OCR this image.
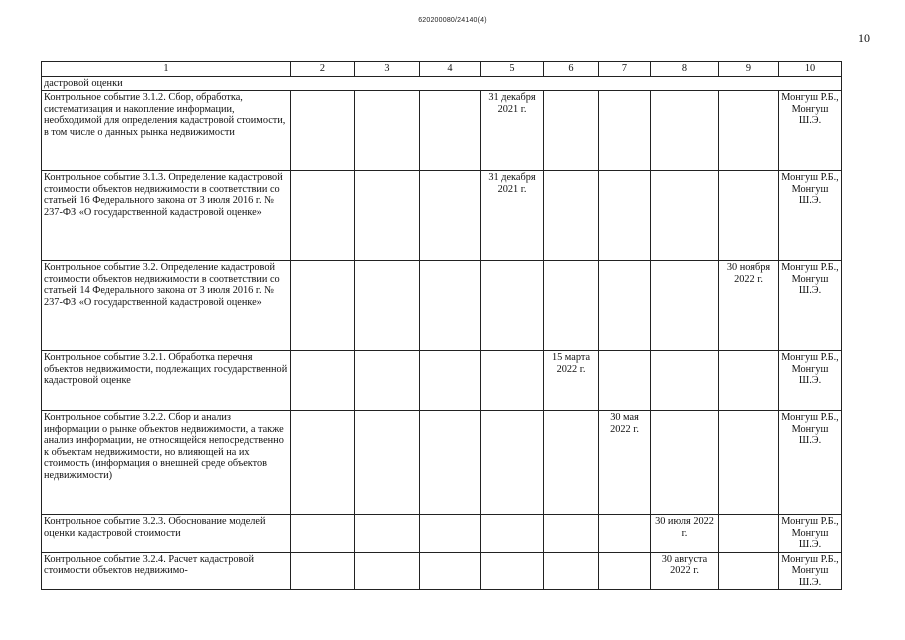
620200080/24140(4)
10
1	2	3	4	5	6	7	8	9	10
дастровой оценки									
Контрольное событие 3.1.2. Сбор, обработка, систематизация и накопление информации, необходимой для определения кадастровой стоимости, в том числе о данных рынка недвижимости				31 декабря 2021 г.					Монгуш Р.Б., Монгуш Ш.Э.
Контрольное событие 3.1.3. Определение кадастровой стоимости объектов недвижимости в соответствии со статьей 16 Федерального закона от 3 июля 2016 г. № 237-ФЗ «О государственной кадастровой оценке»				31 декабря 2021 г.					Монгуш Р.Б., Монгуш Ш.Э.
Контрольное событие 3.2. Определение кадастровой стоимости объектов недвижимости в соответствии со статьей 14 Федерального закона от 3 июля 2016 г. № 237-ФЗ «О государственной кадастровой оценке»								30 ноября 2022 г.	Монгуш Р.Б., Монгуш Ш.Э.
Контрольное событие 3.2.1. Обработка перечня объектов недвижимости, подлежащих государственной кадастровой оценке					15 марта 2022 г.				Монгуш Р.Б., Монгуш Ш.Э.
Контрольное событие 3.2.2. Сбор и анализ информации о рынке объектов недвижимости, а также анализ информации, не относящейся непосредственно к объектам недвижимости, но влияющей на их стоимость (информация о внешней среде объектов недвижимости)						30 мая 2022 г.			Монгуш Р.Б., Монгуш Ш.Э.
Контрольное событие 3.2.3. Обоснование моделей оценки кадастровой стоимости							30 июля 2022 г.		Монгуш Р.Б., Монгуш Ш.Э.
Контрольное событие 3.2.4. Расчет кадастровой стоимости объектов недвижимо-							30 августа 2022 г.		Монгуш Р.Б., Монгуш Ш.Э.
